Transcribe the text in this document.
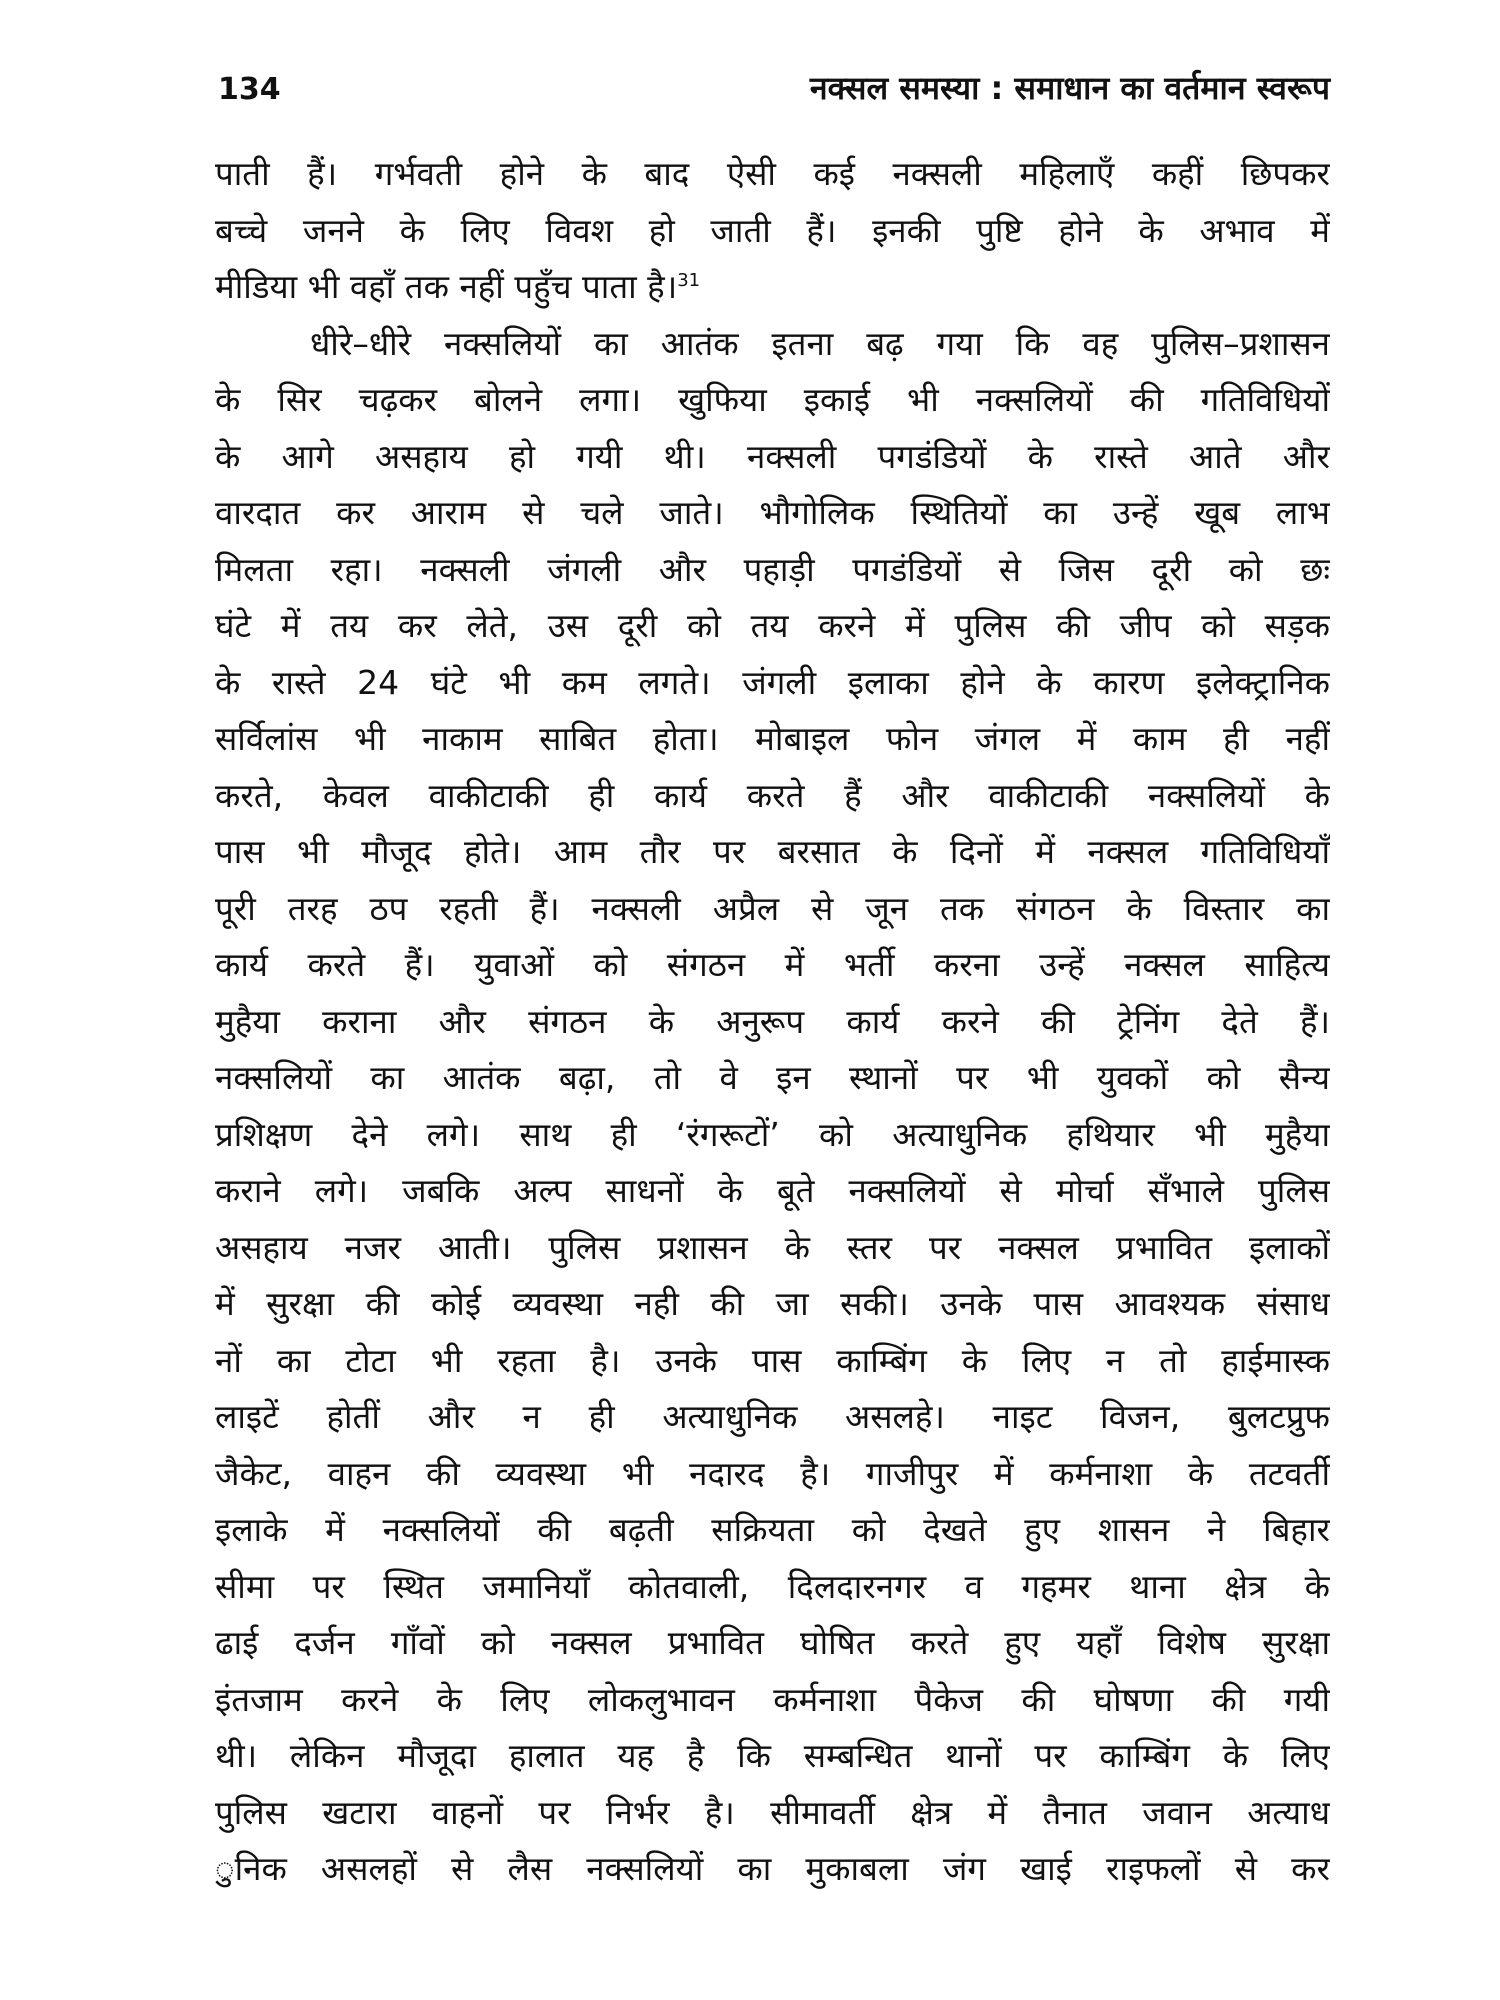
134	नक्सल समस्या : समाधान का वर्तमान स्वरूप
पाती हैं। गर्भवती होने के बाद ऐसी कई नक्सली महिलाएँ कहीं छिपकर
बच्चे जनने के लिए विवश हो जाती हैं। इनकी पुष्टि होने के अभाव में
मीडिया भी वहाँ तक नहीं पहुँच पाता है।$^{31}$
धीरे–धीरे नक्सलियों का आतंक इतना बढ़ गया कि वह पुलिस–प्रशासन
के सिर चढ़कर बोलने लगा। खुफिया इकाई भी नक्सलियों की गतिविधियों
के आगे असहाय हो गयी थी। नक्सली पगडंडियों के रास्ते आते और
वारदात कर आराम से चले जाते। भौगोलिक स्थितियों का उन्हें खूब लाभ
मिलता रहा। नक्सली जंगली और पहाड़ी पगडंडियों से जिस दूरी को छः
घंटे में तय कर लेते, उस दूरी को तय करने में पुलिस की जीप को सड़क
के रास्ते 24 घंटे भी कम लगते। जंगली इलाका होने के कारण इलेक्ट्रानिक
सर्विलांस भी नाकाम साबित होता। मोबाइल फोन जंगल में काम ही नहीं
करते, केवल वाकीटाकी ही कार्य करते हैं और वाकीटाकी नक्सलियों के
पास भी मौजूद होते। आम तौर पर बरसात के दिनों में नक्सल गतिविधियाँ
पूरी तरह ठप रहती हैं। नक्सली अप्रैल से जून तक संगठन के विस्तार का
कार्य करते हैं। युवाओं को संगठन में भर्ती करना उन्हें नक्सल साहित्य
मुहैया कराना और संगठन के अनुरूप कार्य करने की ट्रेनिंग देते हैं।
नक्सलियों का आतंक बढ़ा, तो वे इन स्थानों पर भी युवकों को सैन्य
प्रशिक्षण देने लगे। साथ ही ‘रंगरूटों’ को अत्याधुनिक हथियार भी मुहैया
कराने लगे। जबकि अल्प साधनों के बूते नक्सलियों से मोर्चा सँभाले पुलिस
असहाय नजर आती। पुलिस प्रशासन के स्तर पर नक्सल प्रभावित इलाकों
में सुरक्षा की कोई व्यवस्था नही की जा सकी। उनके पास आवश्यक संसाध
नों का टोटा भी रहता है। उनके पास काम्बिंग के लिए न तो हाईमास्क
लाइटें होतीं और न ही अत्याधुनिक असलहे। नाइट विजन, बुलटप्रुफ
जैकेट, वाहन की व्यवस्था भी नदारद है। गाजीपुर में कर्मनाशा के तटवर्ती
इलाके में नक्सलियों की बढ़ती सक्रियता को देखते हुए शासन ने बिहार
सीमा पर स्थित जमानियाँ कोतवाली, दिलदारनगर व गहमर थाना क्षेत्र के
ढाई दर्जन गाँवों को नक्सल प्रभावित घोषित करते हुए यहाँ विशेष सुरक्षा
इंतजाम करने के लिए लोकलुभावन कर्मनाशा पैकेज की घोषणा की गयी
थी। लेकिन मौजूदा हालात यह है कि सम्बन्धित थानों पर काम्बिंग के लिए
पुलिस खटारा वाहनों पर निर्भर है। सीमावर्ती क्षेत्र में तैनात जवान अत्याध
ुनिक असलहों से लैस नक्सलियों का मुकाबला जंग खाई राइफलों से कर
